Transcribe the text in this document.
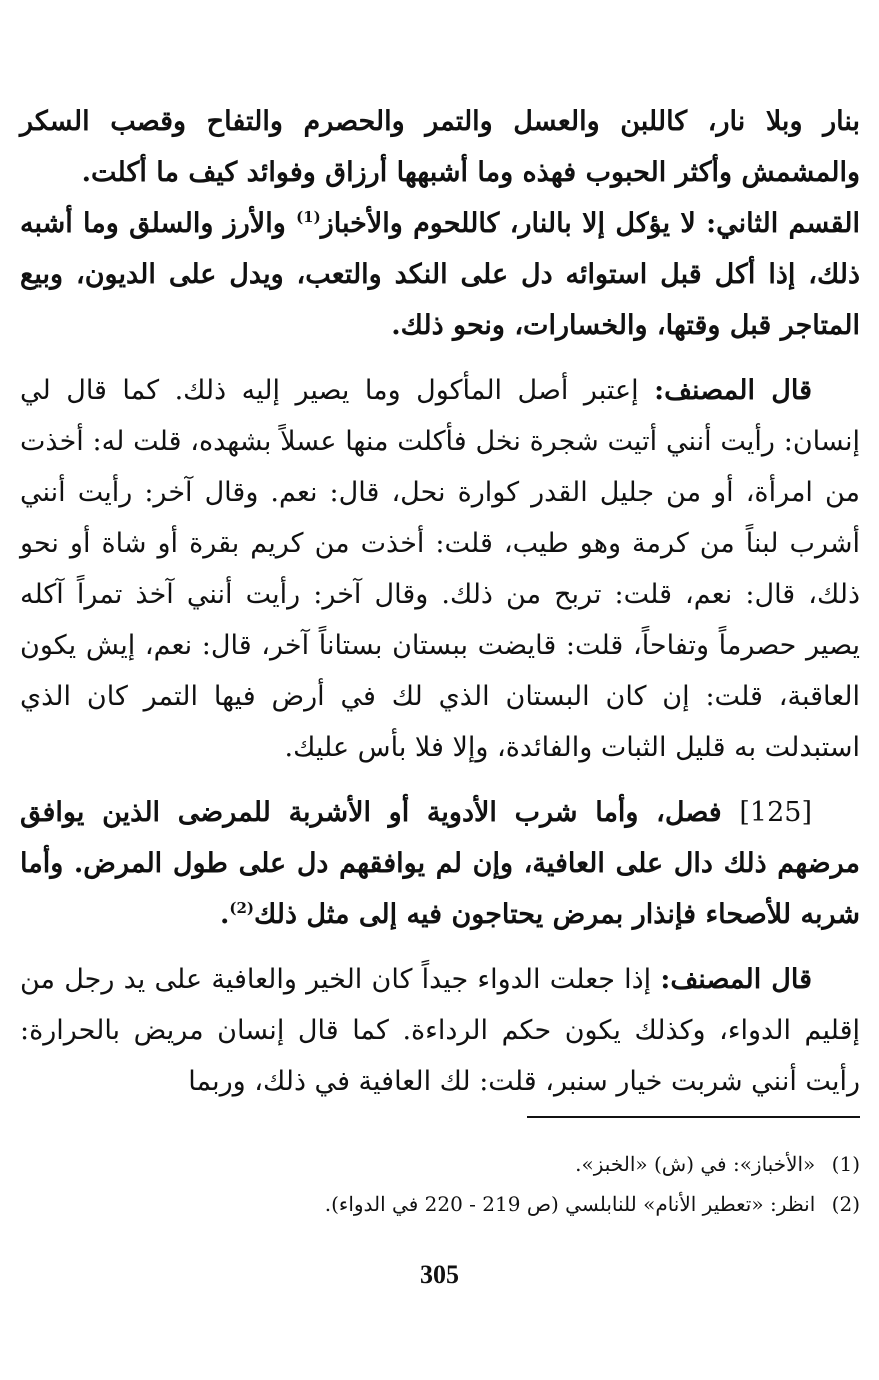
بنار وبلا نار، كاللبن والعسل والتمر والحصرم والتفاح وقصب السكر والمشمش وأكثر الحبوب فهذه وما أشبهها أرزاق وفوائد كيف ما أكلت.

القسم الثاني: لا يؤكل إلا بالنار، كاللحوم والأخباز$^{(1)}$ والأرز والسلق وما أشبه ذلك، إذا أكل قبل استوائه دل على النكد والتعب، ويدل على الديون، وبيع المتاجر قبل وقتها، والخسارات، ونحو ذلك.

قال المصنف: إعتبر أصل المأكول وما يصير إليه ذلك. كما قال لي إنسان: رأيت أنني أتيت شجرة نخل فأكلت منها عسلاً بشهده، قلت له: أخذت من امرأة، أو من جليل القدر كوارة نحل، قال: نعم. وقال آخر: رأيت أنني أشرب لبناً من كرمة وهو طيب، قلت: أخذت من كريم بقرة أو شاة أو نحو ذلك، قال: نعم، قلت: تربح من ذلك. وقال آخر: رأيت أنني آخذ تمراً آكله يصير حصرماً وتفاحاً، قلت: قايضت ببستان بستاناً آخر، قال: نعم، إيش يكون العاقبة، قلت: إن كان البستان الذي لك في أرض فيها التمر كان الذي استبدلت به قليل الثبات والفائدة، وإلا فلا بأس عليك.

[125] فصل، وأما شرب الأدوية أو الأشربة للمرضى الذين يوافق مرضهم ذلك دال على العافية، وإن لم يوافقهم دل على طول المرض. وأما شربه للأصحاء فإنذار بمرض يحتاجون فيه إلى مثل ذلك$^{(2)}$.

قال المصنف: إذا جعلت الدواء جيداً كان الخير والعافية على يد رجل من إقليم الدواء، وكذلك يكون حكم الرداءة. كما قال إنسان مريض بالحرارة: رأيت أنني شربت خيار سنبر، قلت: لك العافية في ذلك، وربما

(1) «الأخباز»: في (ش) «الخبز».

(2) انظر: «تعطير الأنام» للنابلسي (ص 219 - 220 في الدواء).

305
